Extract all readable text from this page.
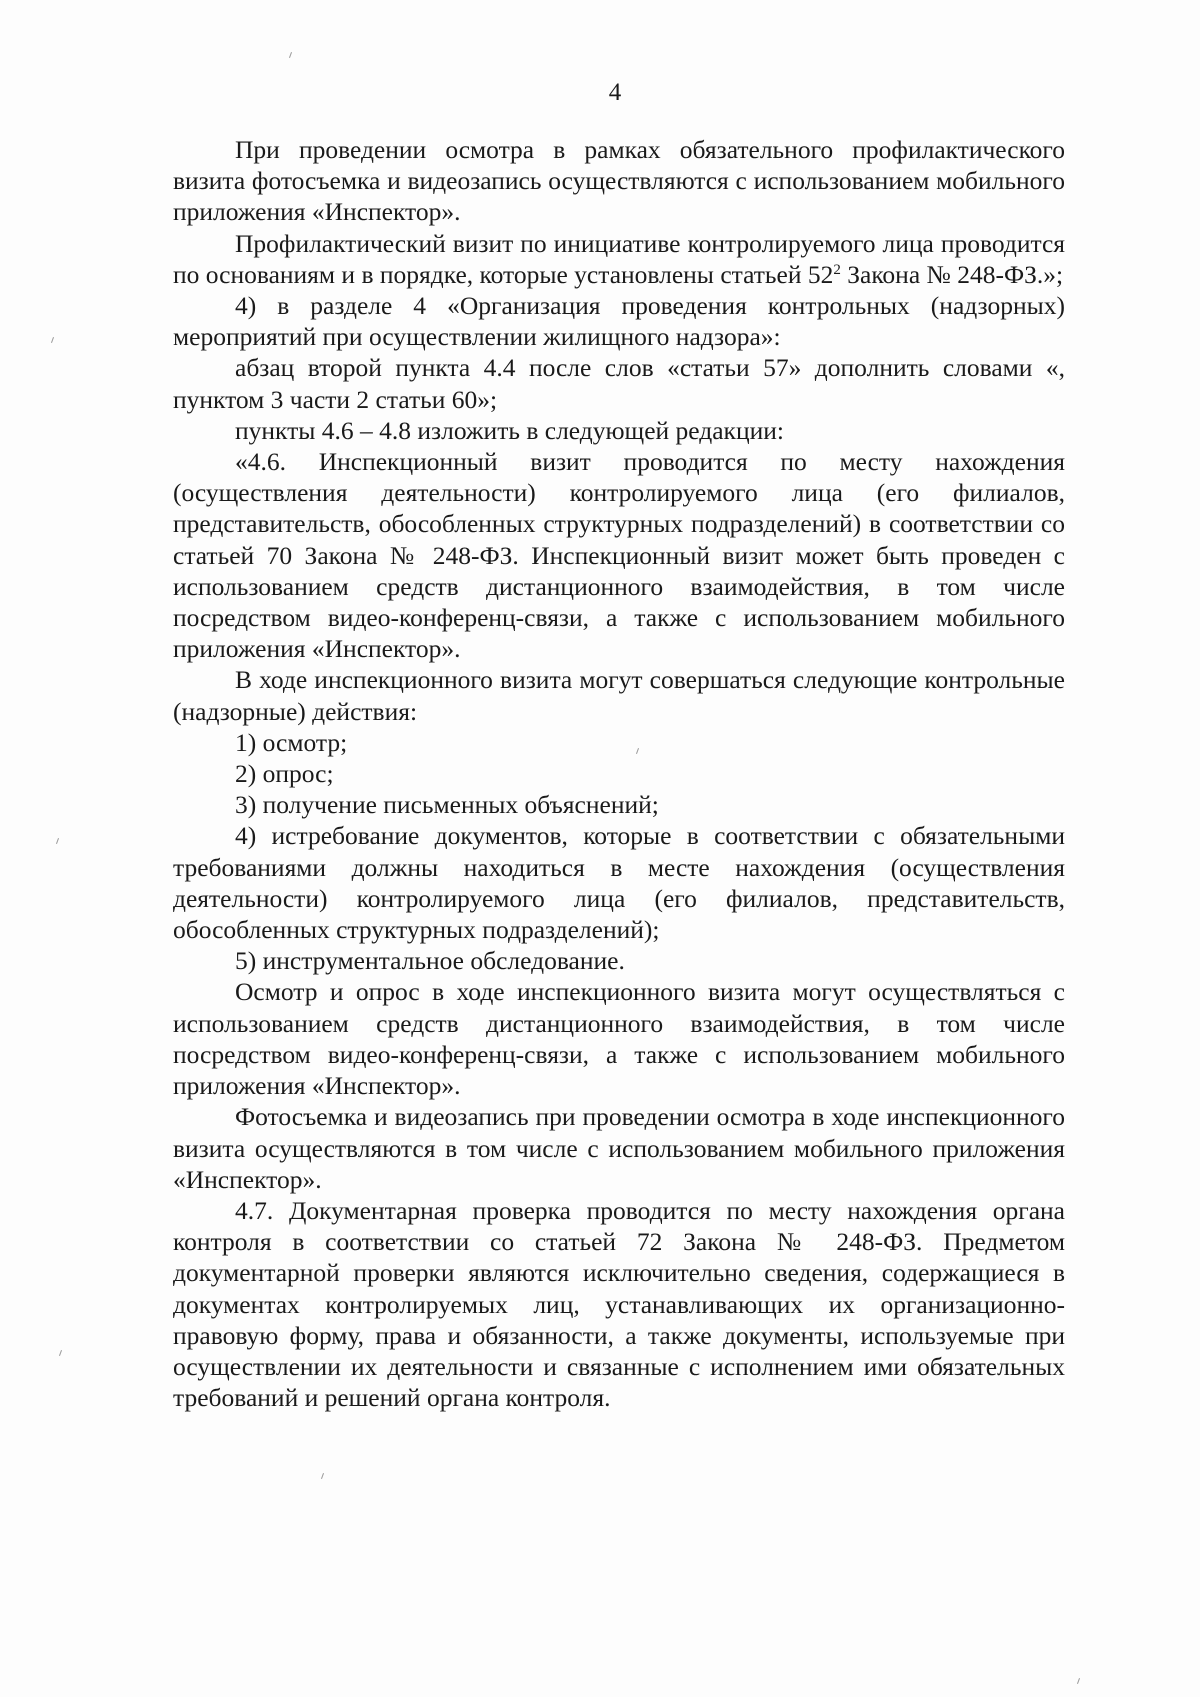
4

При проведении осмотра в рамках обязательного профилактического визита фотосъемка и видеозапись осуществляются с использованием мобильного приложения «Инспектор».

Профилактический визит по инициативе контролируемого лица проводится по основаниям и в порядке, которые установлены статьей $52^2$ Закона № 248-ФЗ.»;

4) в разделе 4 «Организация проведения контрольных (надзорных) мероприятий при осуществлении жилищного надзора»:

абзац второй пункта 4.4 после слов «статьи 57» дополнить словами «, пунктом 3 части 2 статьи 60»;

пункты 4.6 – 4.8 изложить в следующей редакции:

«4.6. Инспекционный визит проводится по месту нахождения (осуществления деятельности) контролируемого лица (его филиалов, представительств, обособленных структурных подразделений) в соответствии со статьей 70 Закона № 248-ФЗ. Инспекционный визит может быть проведен с использованием средств дистанционного взаимодействия, в том числе посредством видео-конференц-связи, а также с использованием мобильного приложения «Инспектор».

В ходе инспекционного визита могут совершаться следующие контрольные (надзорные) действия:

1) осмотр;

2) опрос;

3) получение письменных объяснений;

4) истребование документов, которые в соответствии с обязательными требованиями должны находиться в месте нахождения (осуществления деятельности) контролируемого лица (его филиалов, представительств, обособленных структурных подразделений);

5) инструментальное обследование.

Осмотр и опрос в ходе инспекционного визита могут осуществляться с использованием средств дистанционного взаимодействия, в том числе посредством видео-конференц-связи, а также с использованием мобильного приложения «Инспектор».

Фотосъемка и видеозапись при проведении осмотра в ходе инспекционного визита осуществляются в том числе с использованием мобильного приложения «Инспектор».

4.7. Документарная проверка проводится по месту нахождения органа контроля в соответствии со статьей 72 Закона № 248-ФЗ. Предметом документарной проверки являются исключительно сведения, содержащиеся в документах контролируемых лиц, устанавливающих их организационно-правовую форму, права и обязанности, а также документы, используемые при осуществлении их деятельности и связанные с исполнением ими обязательных требований и решений органа контроля.
